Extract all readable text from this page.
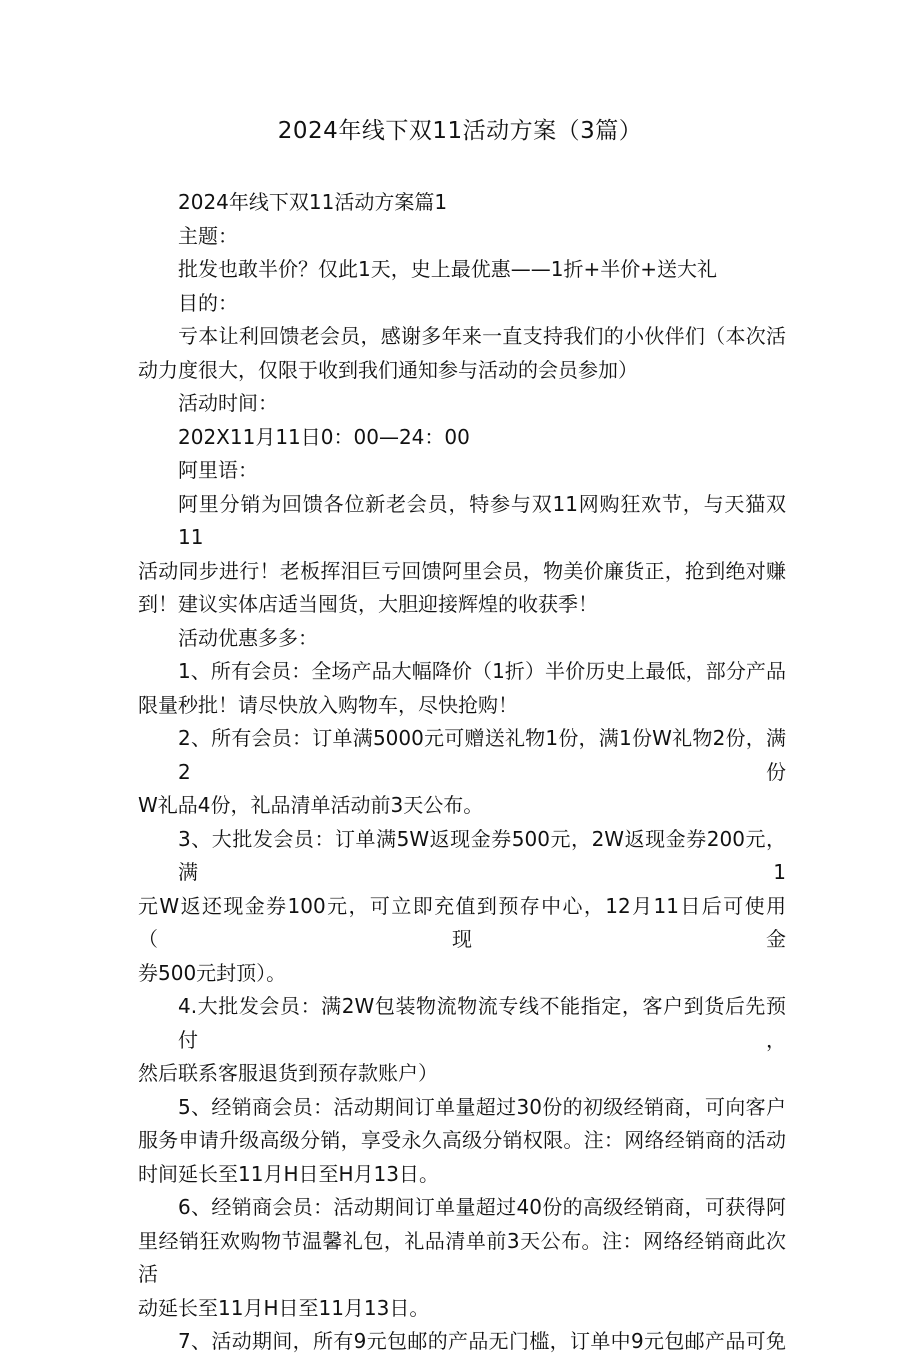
2024年线下双11活动方案（3篇）

2024年线下双11活动方案篇1

主题：

批发也敢半价？仅此1天，史上最优惠——1折+半价+送大礼

目的：

亏本让利回馈老会员，感谢多年来一直支持我们的小伙伴们（本次活

动力度很大，仅限于收到我们通知参与活动的会员参加）

活动时间：

202X11月11日0：00—24：00

阿里语：

阿里分销为回馈各位新老会员，特参与双11网购狂欢节，与天猫双11

活动同步进行！老板挥泪巨亏回馈阿里会员，物美价廉货正，抢到绝对赚

到！建议实体店适当囤货，大胆迎接辉煌的收获季！

活动优惠多多：

1、所有会员：全场产品大幅降价（1折）半价历史上最低，部分产品

限量秒批！请尽快放入购物车，尽快抢购！

2、所有会员：订单满5000元可赠送礼物1份，满1份W礼物2份，满2份

W礼品4份，礼品清单活动前3天公布。

3、大批发会员：订单满5W返现金券500元，2W返现金券200元，满1

元W返还现金券100元，可立即充值到预存中心，12月11日后可使用（现金

券500元封顶）。

4.大批发会员：满2W包装物流物流专线不能指定，客户到货后先预付，

然后联系客服退货到预存款账户）

5、经销商会员：活动期间订单量超过30份的初级经销商，可向客户

服务申请升级高级分销，享受永久高级分销权限。注：网络经销商的活动

时间延长至11月H日至H月13日。

6、经销商会员：活动期间订单量超过40份的高级经销商，可获得阿

里经销狂欢购物节温馨礼包，礼品清单前3天公布。注：网络经销商此次活

动延长至11月H日至11月13日。

7、活动期间，所有9元包邮的产品无门槛，订单中9元包邮产品可免
